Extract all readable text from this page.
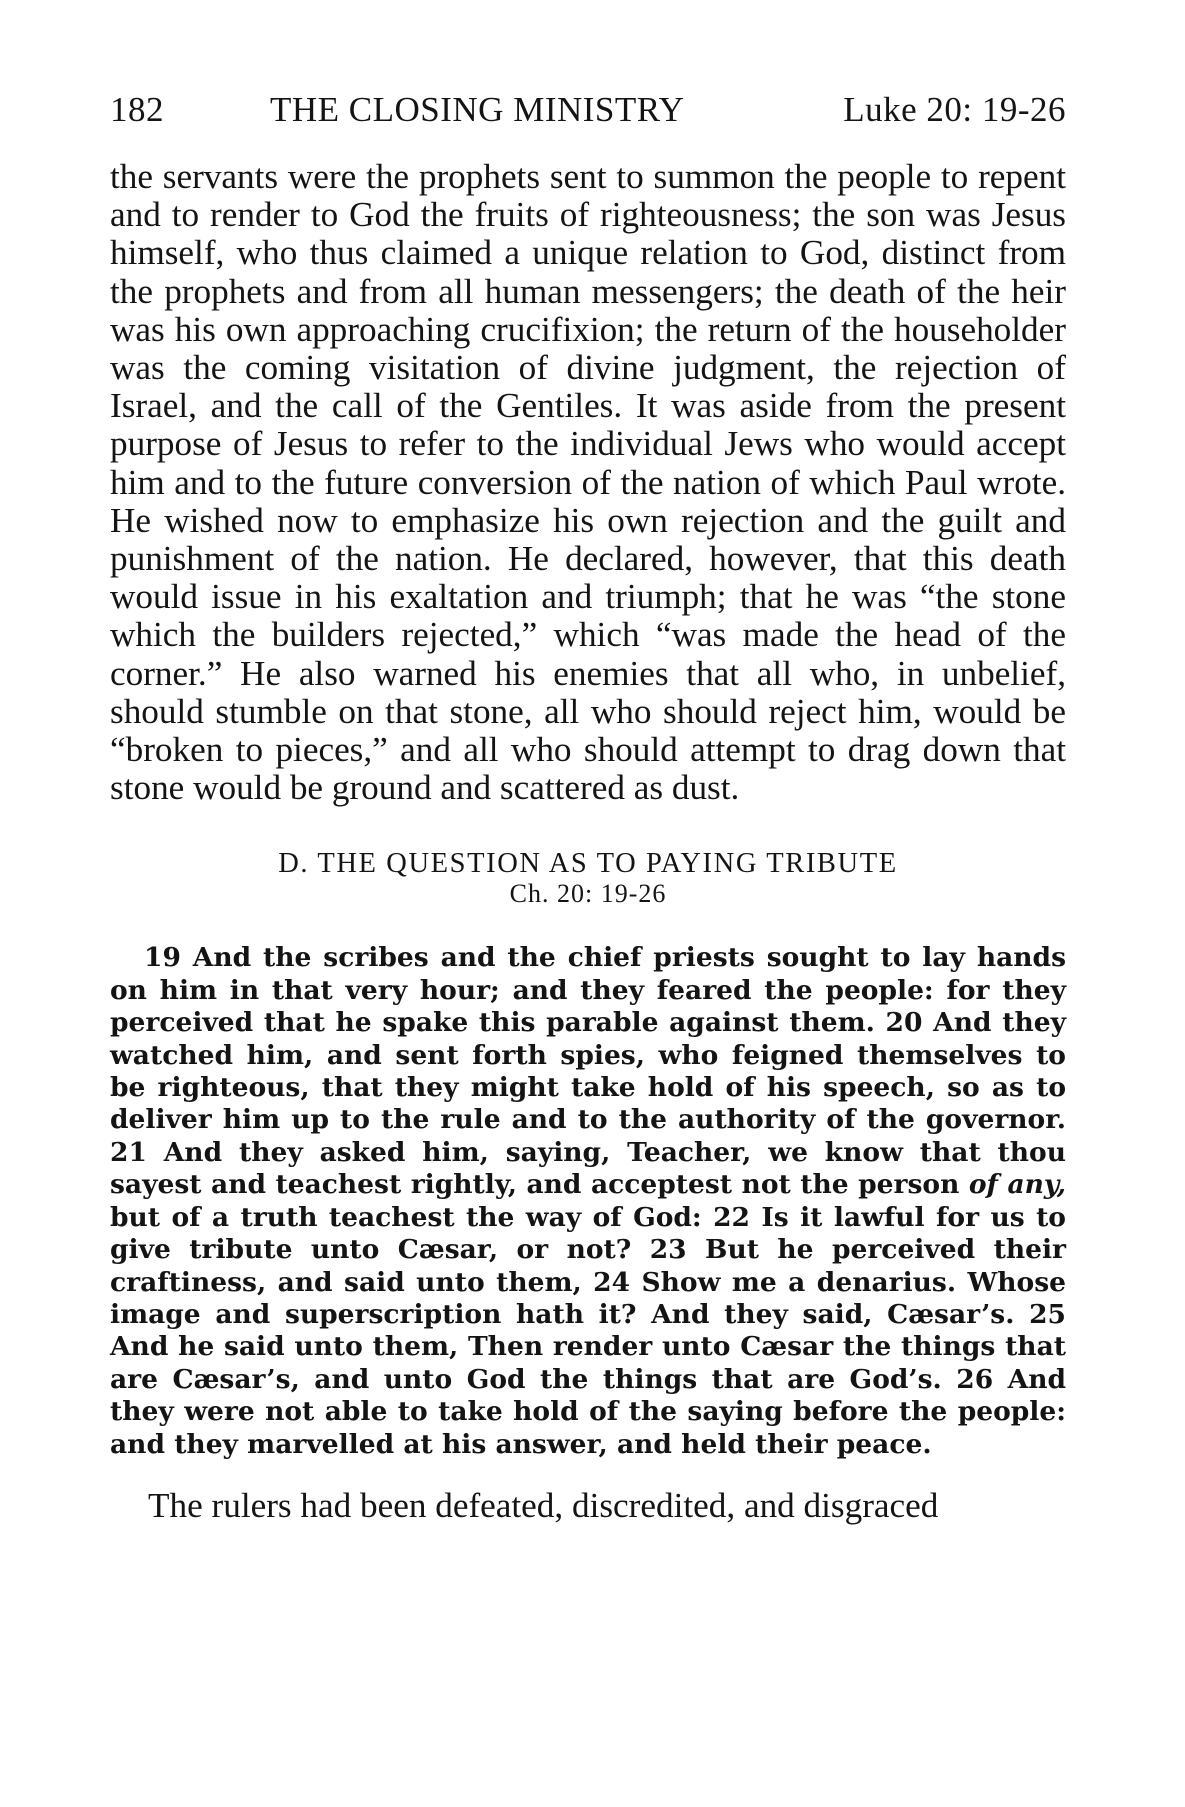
182	THE CLOSING MINISTRY	Luke 20: 19-26

the servants were the prophets sent to summon the people to repent and to render to God the fruits of righteousness; the son was Jesus himself, who thus claimed a unique relation to God, distinct from the prophets and from all human messengers; the death of the heir was his own approaching crucifixion; the return of the householder was the coming visitation of divine judgment, the rejection of Israel, and the call of the Gentiles. It was aside from the present purpose of Jesus to refer to the individual Jews who would accept him and to the future conversion of the nation of which Paul wrote. He wished now to emphasize his own rejection and the guilt and punishment of the nation. He declared, however, that this death would issue in his exaltation and triumph; that he was “the stone which the builders rejected,” which “was made the head of the corner.” He also warned his enemies that all who, in unbelief, should stumble on that stone, all who should reject him, would be “broken to pieces,” and all who should attempt to drag down that stone would be ground and scattered as dust.

D. THE QUESTION AS TO PAYING TRIBUTE
Ch. 20: 19-26

19 And the scribes and the chief priests sought to lay hands on him in that very hour; and they feared the people: for they perceived that he spake this parable against them. 20 And they watched him, and sent forth spies, who feigned themselves to be righteous, that they might take hold of his speech, so as to deliver him up to the rule and to the authority of the governor. 21 And they asked him, saying, Teacher, we know that thou sayest and teachest rightly, and acceptest not the person of any, but of a truth teachest the way of God: 22 Is it lawful for us to give tribute unto Cæsar, or not? 23 But he perceived their craftiness, and said unto them, 24 Show me a denarius. Whose image and superscription hath it? And they said, Cæsar’s. 25 And he said unto them, Then render unto Cæsar the things that are Cæsar’s, and unto God the things that are God’s. 26 And they were not able to take hold of the saying before the people: and they marvelled at his answer, and held their peace.

The rulers had been defeated, discredited, and disgraced
